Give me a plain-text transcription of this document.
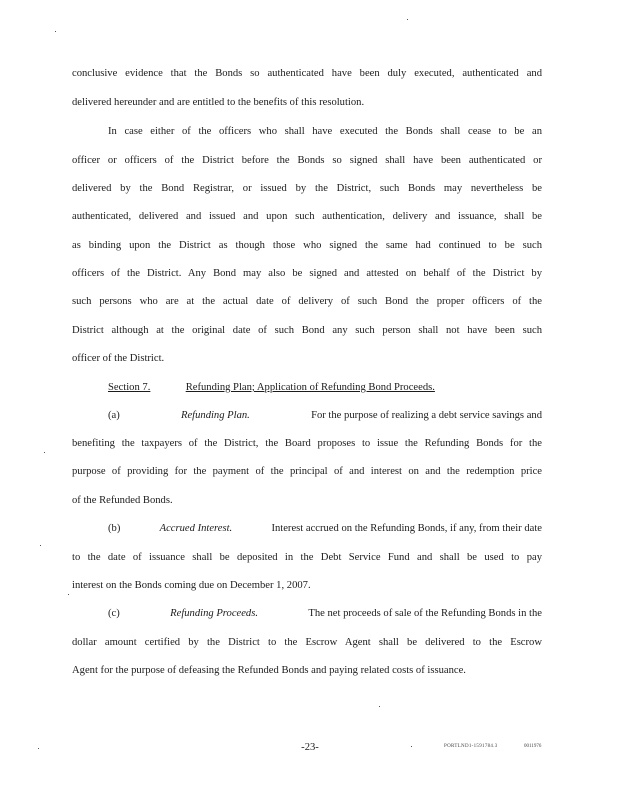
conclusive evidence that the Bonds so authenticated have been duly executed, authenticated and
delivered hereunder and are entitled to the benefits of this resolution.
In case either of the officers who shall have executed the Bonds shall cease to be an
officer or officers of the District before the Bonds so signed shall have been authenticated or
delivered by the Bond Registrar, or issued by the District, such Bonds may nevertheless be
authenticated, delivered and issued and upon such authentication, delivery and issuance, shall be
as binding upon the District as though those who signed the same had continued to be such
officers of the District. Any Bond may also be signed and attested on behalf of the District by
such persons who are at the actual date of delivery of such Bond the proper officers of the
District although at the original date of such Bond any such person shall not have been such
officer of the District.
Section 7.	Refunding Plan; Application of Refunding Bond Proceeds.
(a)	Refunding Plan.	For the purpose of realizing a debt service savings and
benefiting the taxpayers of the District, the Board proposes to issue the Refunding Bonds for the
purpose of providing for the payment of the principal of and interest on and the redemption price
of the Refunded Bonds.
(b)	Accrued Interest.	Interest accrued on the Refunding Bonds, if any, from their date
to the date of issuance shall be deposited in the Debt Service Fund and shall be used to pay
interest on the Bonds coming due on December 1, 2007.
(c)	Refunding Proceeds.	The net proceeds of sale of the Refunding Bonds in the
dollar amount certified by the District to the Escrow Agent shall be delivered to the Escrow
Agent for the purpose of defeasing the Refunded Bonds and paying related costs of issuance.
-23-	PORTLND1-1591784.3	0011976
